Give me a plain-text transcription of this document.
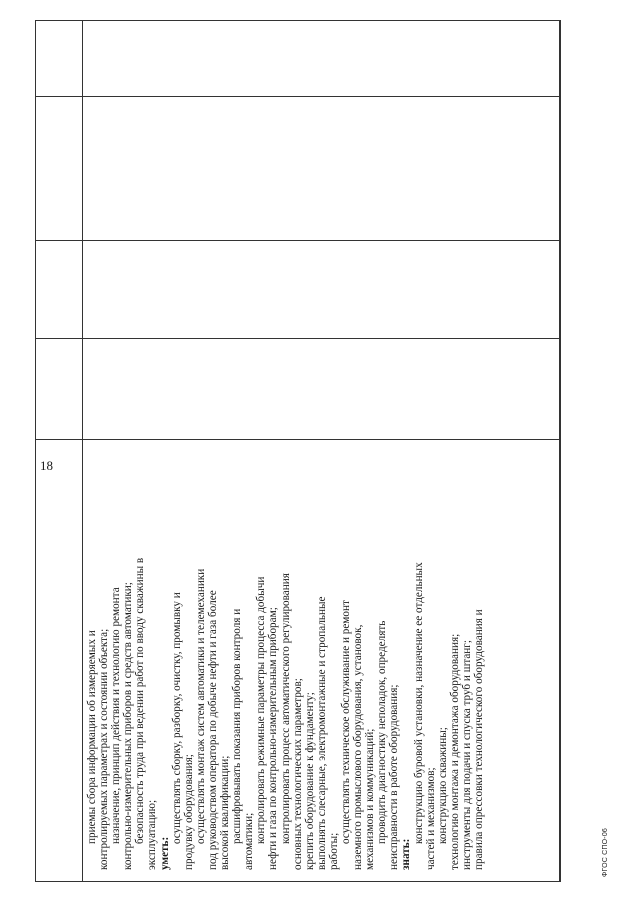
18

приемы сбора информации об измеряемых и контролируемых параметрах и состоянии объекта; назначение, принцип действия и технологию ремонта контрольно-измерительных приборов и средств автоматики; безопасность труда при ведении работ по вводу скважины в эксплуатацию; уметь:

осуществлять сборку, разборку, очистку, промывку и продувку оборудования; осуществлять монтаж систем автоматики и телемеханики под руководством оператора по добыче нефти и газа более высокой квалификации; расшифровывать показания приборов контроля и автоматики; контролировать режимные параметры процесса добычи нефти и газа по контрольно-измерительным приборам; контролировать процесс автоматического регулирования основных технологических параметров; крепить оборудование к фундаменту; выполнять слесарные, электромонтажные и стропальные работы;

осуществлять техническое обслуживание и ремонт наземного промыслового оборудования, установок, механизмов и коммуникаций; проводить диагностику неполадок, определять неисправности в работе оборудования; знать:

конструкцию буровой установки, назначение ее отдельных частей и механизмов; конструкцию скважины; технологию монтажа и демонтажа оборудования; инструменты для подачи и спуска труб и штанг; правила опрессовки технологического оборудования и	ФГОС СПО-06
